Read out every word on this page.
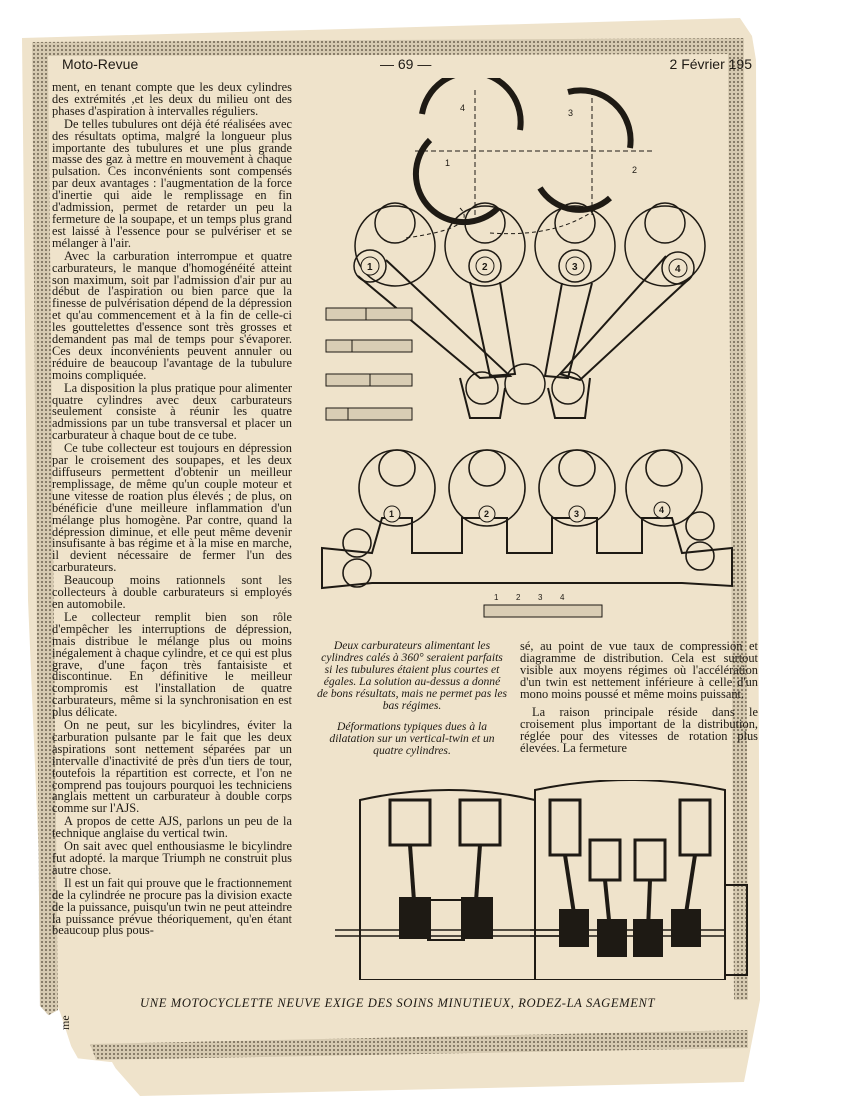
Moto-Revue	— 69 —	2 Février 195

ment, en tenant compte que les deux cylindres des extrémités ,et les deux du milieu ont des phases d'aspiration à intervalles réguliers.

De telles tubulures ont déjà été réalisées avec des résultats optima, malgré la longueur plus importante des tubulures et une plus grande masse des gaz à mettre en mouvement à chaque pulsation. Ces inconvénients sont compensés par deux avantages : l'augmentation de la force d'inertie qui aide le remplissage en fin d'admission, permet de retarder un peu la fermeture de la soupape, et un temps plus grand est laissé à l'essence pour se pulvériser et se mélanger à l'air.

Avec la carburation interrompue et quatre carburateurs, le manque d'homogénéité atteint son maximum, soit par l'admission d'air pur au début de l'aspiration ou bien parce que la finesse de pulvérisation dépend de la dépression et qu'au commencement et à la fin de celle-ci les gouttelettes d'essence sont très grosses et demandent pas mal de temps pour s'évaporer. Ces deux inconvénients peuvent annuler ou réduire de beaucoup l'avantage de la tubulure moins compliquée.

La disposition la plus pratique pour alimenter quatre cylindres avec deux carburateurs seulement consiste à réunir les quatre admissions par un tube transversal et placer un carburateur à chaque bout de ce tube.

Ce tube collecteur est toujours en dépression par le croisement des soupapes, et les deux diffuseurs permettent d'obtenir un meilleur remplissage, de même qu'un couple moteur et une vitesse de roation plus élevés ; de plus, on bénéficie d'une meilleure inflammation d'un mélange plus homogène. Par contre, quand la dépression diminue, et elle peut même devenir insufisante à bas régime et à la mise en marche, il devient nécessaire de fermer l'un des carburateurs.

Beaucoup moins rationnels sont les collecteurs à double carburateurs si employés en automobile.

Le collecteur remplit bien son rôle d'empêcher les interruptions de dépression, mais distribue le mélange plus ou moins inégalement à chaque cylindre, et ce qui est plus grave, d'une façon très fantaisiste et discontinue. En définitive le meilleur compromis est l'installation de quatre carburateurs, même si la synchronisation en est plus délicate.

On ne peut, sur les bicylindres, éviter la carburation pulsante par le fait que les deux aspirations sont nettement séparées par un intervalle d'inactivité de près d'un tiers de tour, toutefois la répartition est correcte, et l'on ne comprend pas toujours pourquoi les techniciens anglais mettent un carburateur à double corps comme sur l'AJS.

A propos de cette AJS, parlons un peu de la technique anglaise du vertical twin.

On sait avec quel enthousiasme le bicylindre fut adopté. la marque Triumph ne construit plus autre chose.

Il est un fait qui prouve que le fractionnement de la cylindrée ne procure pas la division exacte de la puissance, puisqu'un twin ne peut atteindre la puissance prévue théoriquement, qu'en étant beaucoup plus pous-

1	2	3	4
4
1
3
2
1	2	3	4
1 2 3 4

Deux carburateurs alimentant les cylindres calés à 360° seraient parfaits si les tubulures étaient plus courtes et égales. La solution au-dessus a donné de bons résultats, mais ne permet pas les bas régimes.

Déformations typiques dues à la dilatation sur un vertical-twin et un quatre cylindres.

sé, au point de vue taux de compression et diagramme de distribution. Cela est surtout visible aux moyens régimes où l'accélération d'un twin est nettement inférieure à celle d'un mono moins poussé et même moins puissant.

La raison principale réside dans le croisement plus important de la distribution, réglée pour des vitesses de rotation plus élevées. La fermeture

UNE MOTOCYCLETTE NEUVE EXIGE DES SOINS MINUTIEUX, RODEZ-LA SAGEMENT
me
